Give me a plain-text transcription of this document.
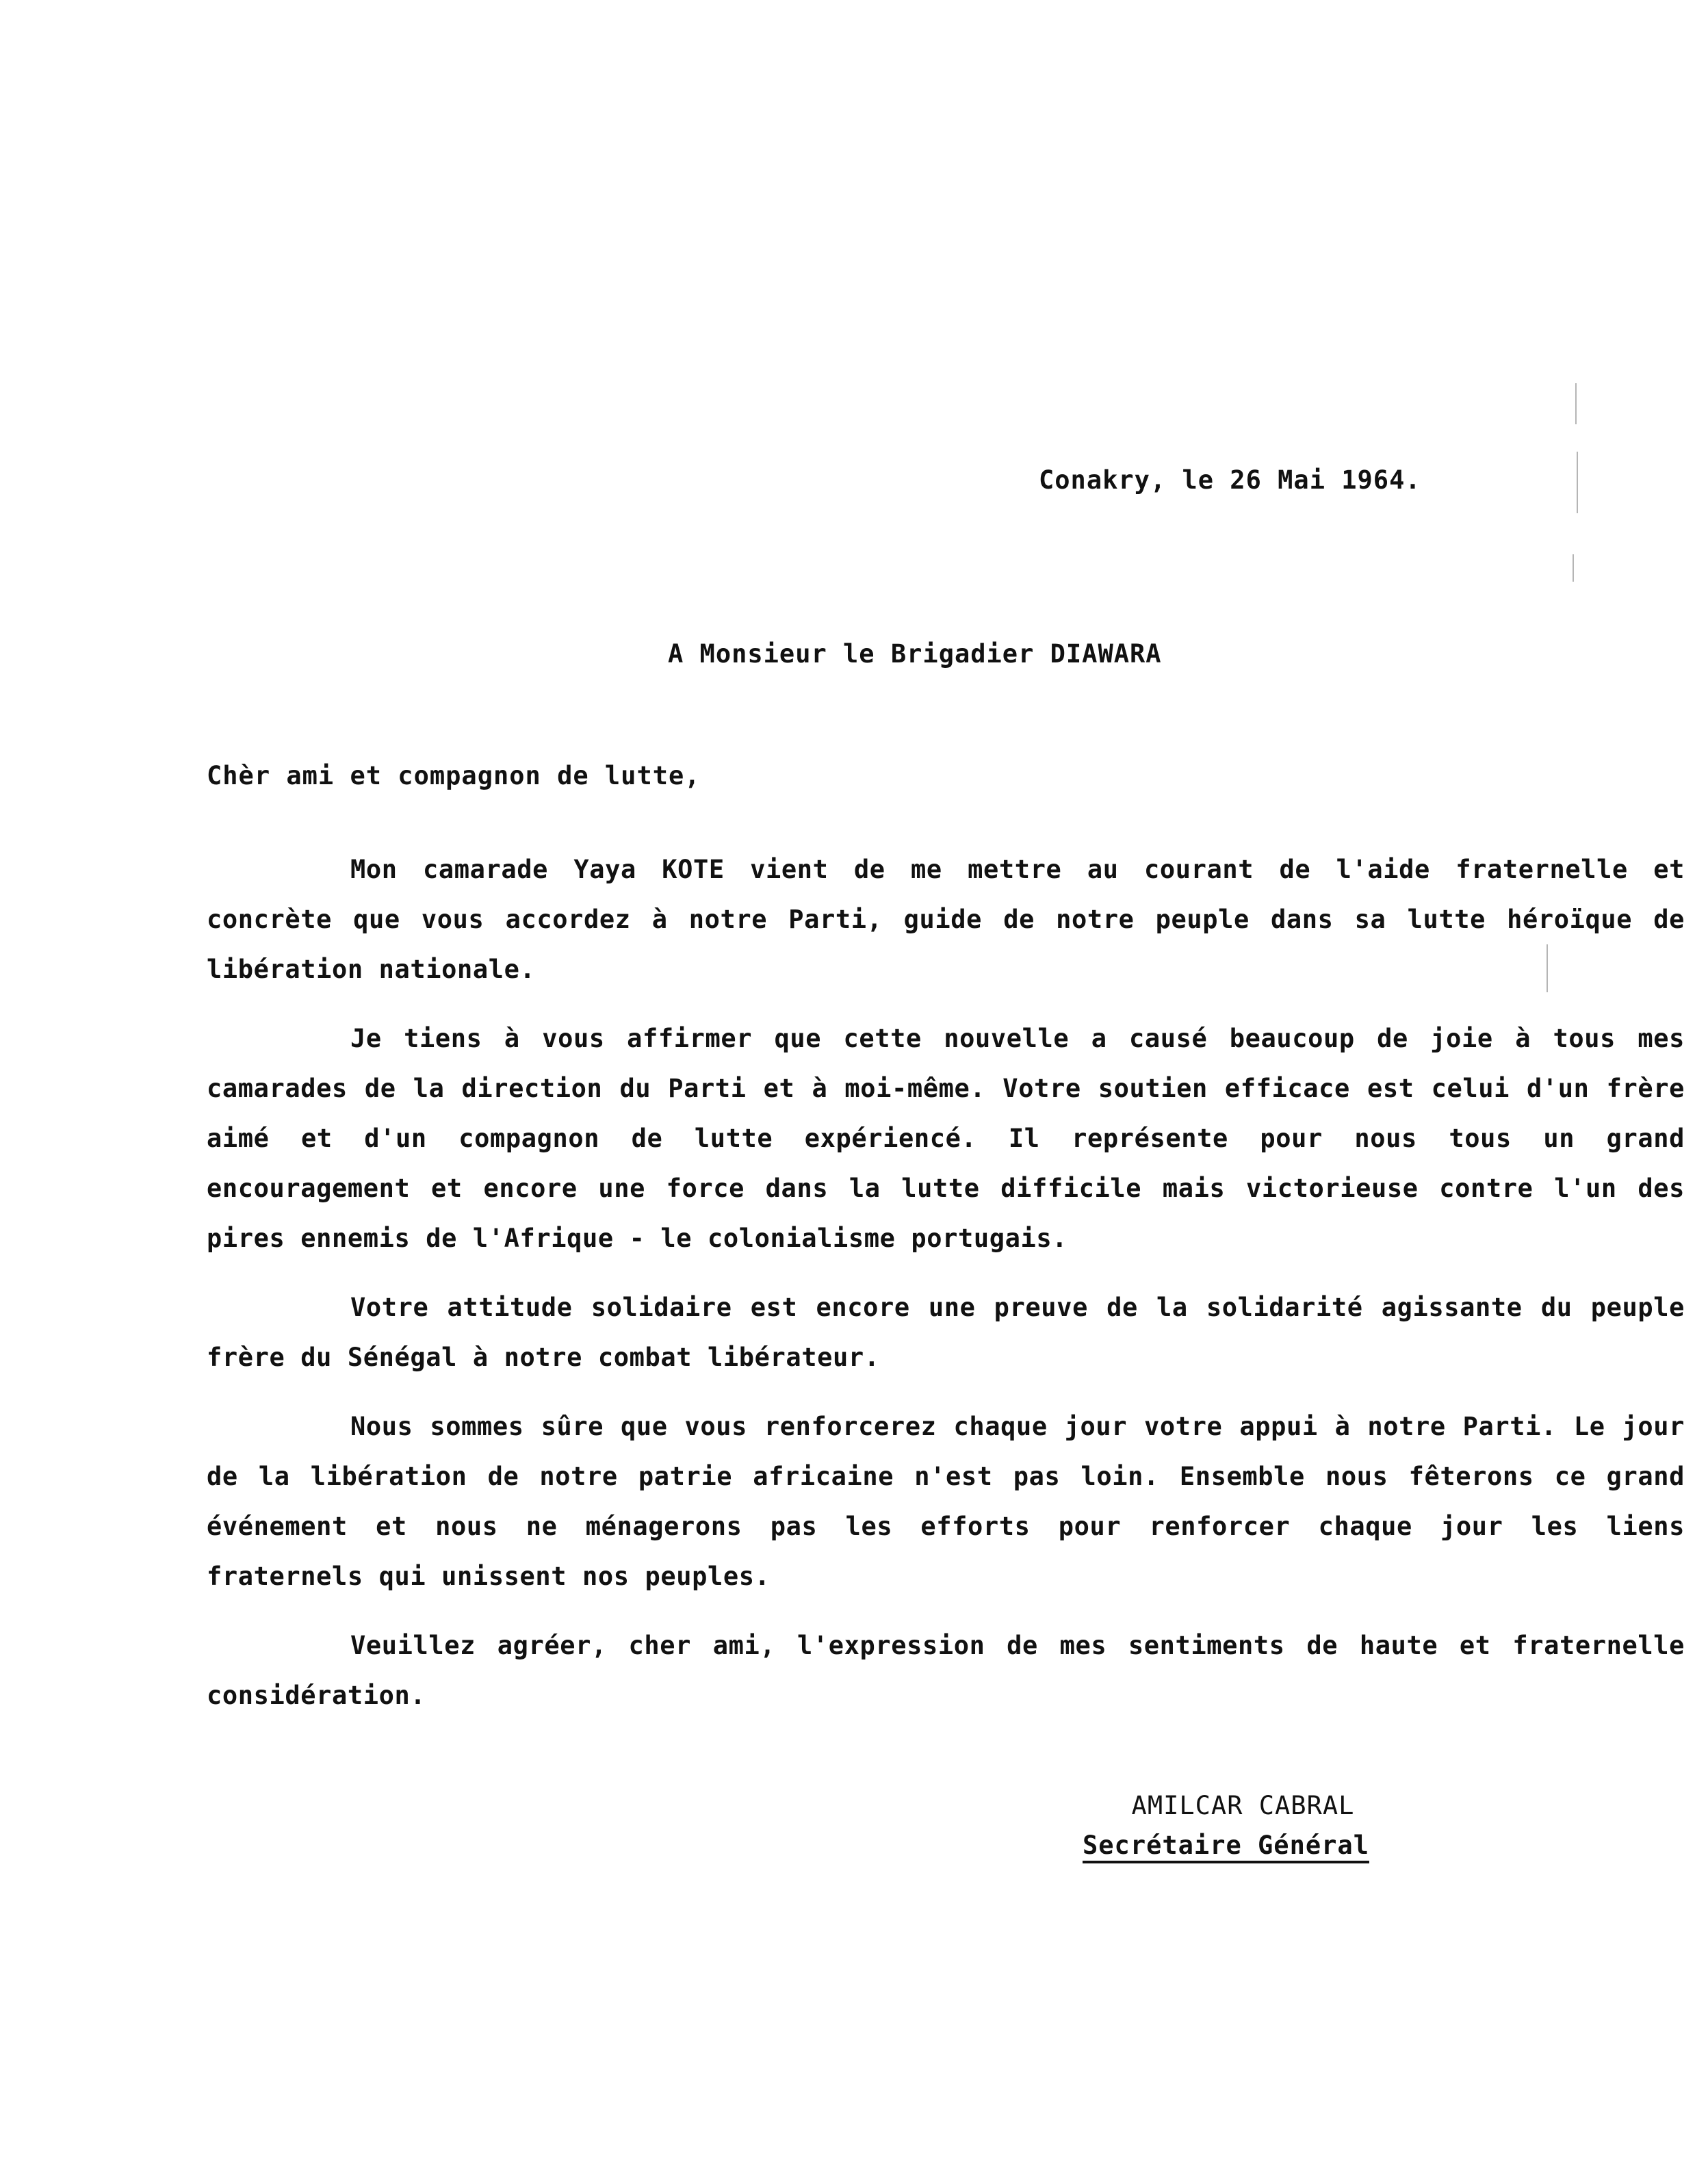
Conakry, le 26 Mai 1964.
A Monsieur le Brigadier DIAWARA
Chèr ami et compagnon de lutte,

Mon camarade Yaya KOTE vient de me mettre au courant de l'aide fraternelle et concrète que vous accordez à notre Parti, guide de notre peuple dans sa lutte héroïque de libération nationale.

Je tiens à vous affirmer que cette nouvelle a causé beaucoup de joie à tous mes camarades de la direction du Parti et à moi-même. Votre soutien efficace est celui d'un frère aimé et d'un compagnon de lutte expériencé. Il représente pour nous tous un grand encouragement et encore une force dans la lutte difficile mais victorieuse contre l'un des pires ennemis de l'Afrique - le colonialisme portugais.

Votre attitude solidaire est encore une preuve de la solidarité agissante du peuple frère du Sénégal à notre combat libérateur.

Nous sommes sûre que vous renforcerez chaque jour votre appui à notre Parti. Le jour de la libération de notre patrie africaine n'est pas loin. Ensemble nous fêterons ce grand événement et nous ne ménagerons pas les efforts pour renforcer chaque jour les liens fraternels qui unissent nos peuples.

Veuillez agréer, cher ami, l'expression de mes sentiments de haute et fraternelle considération.

AMILCAR CABRAL
Secrétaire Général
